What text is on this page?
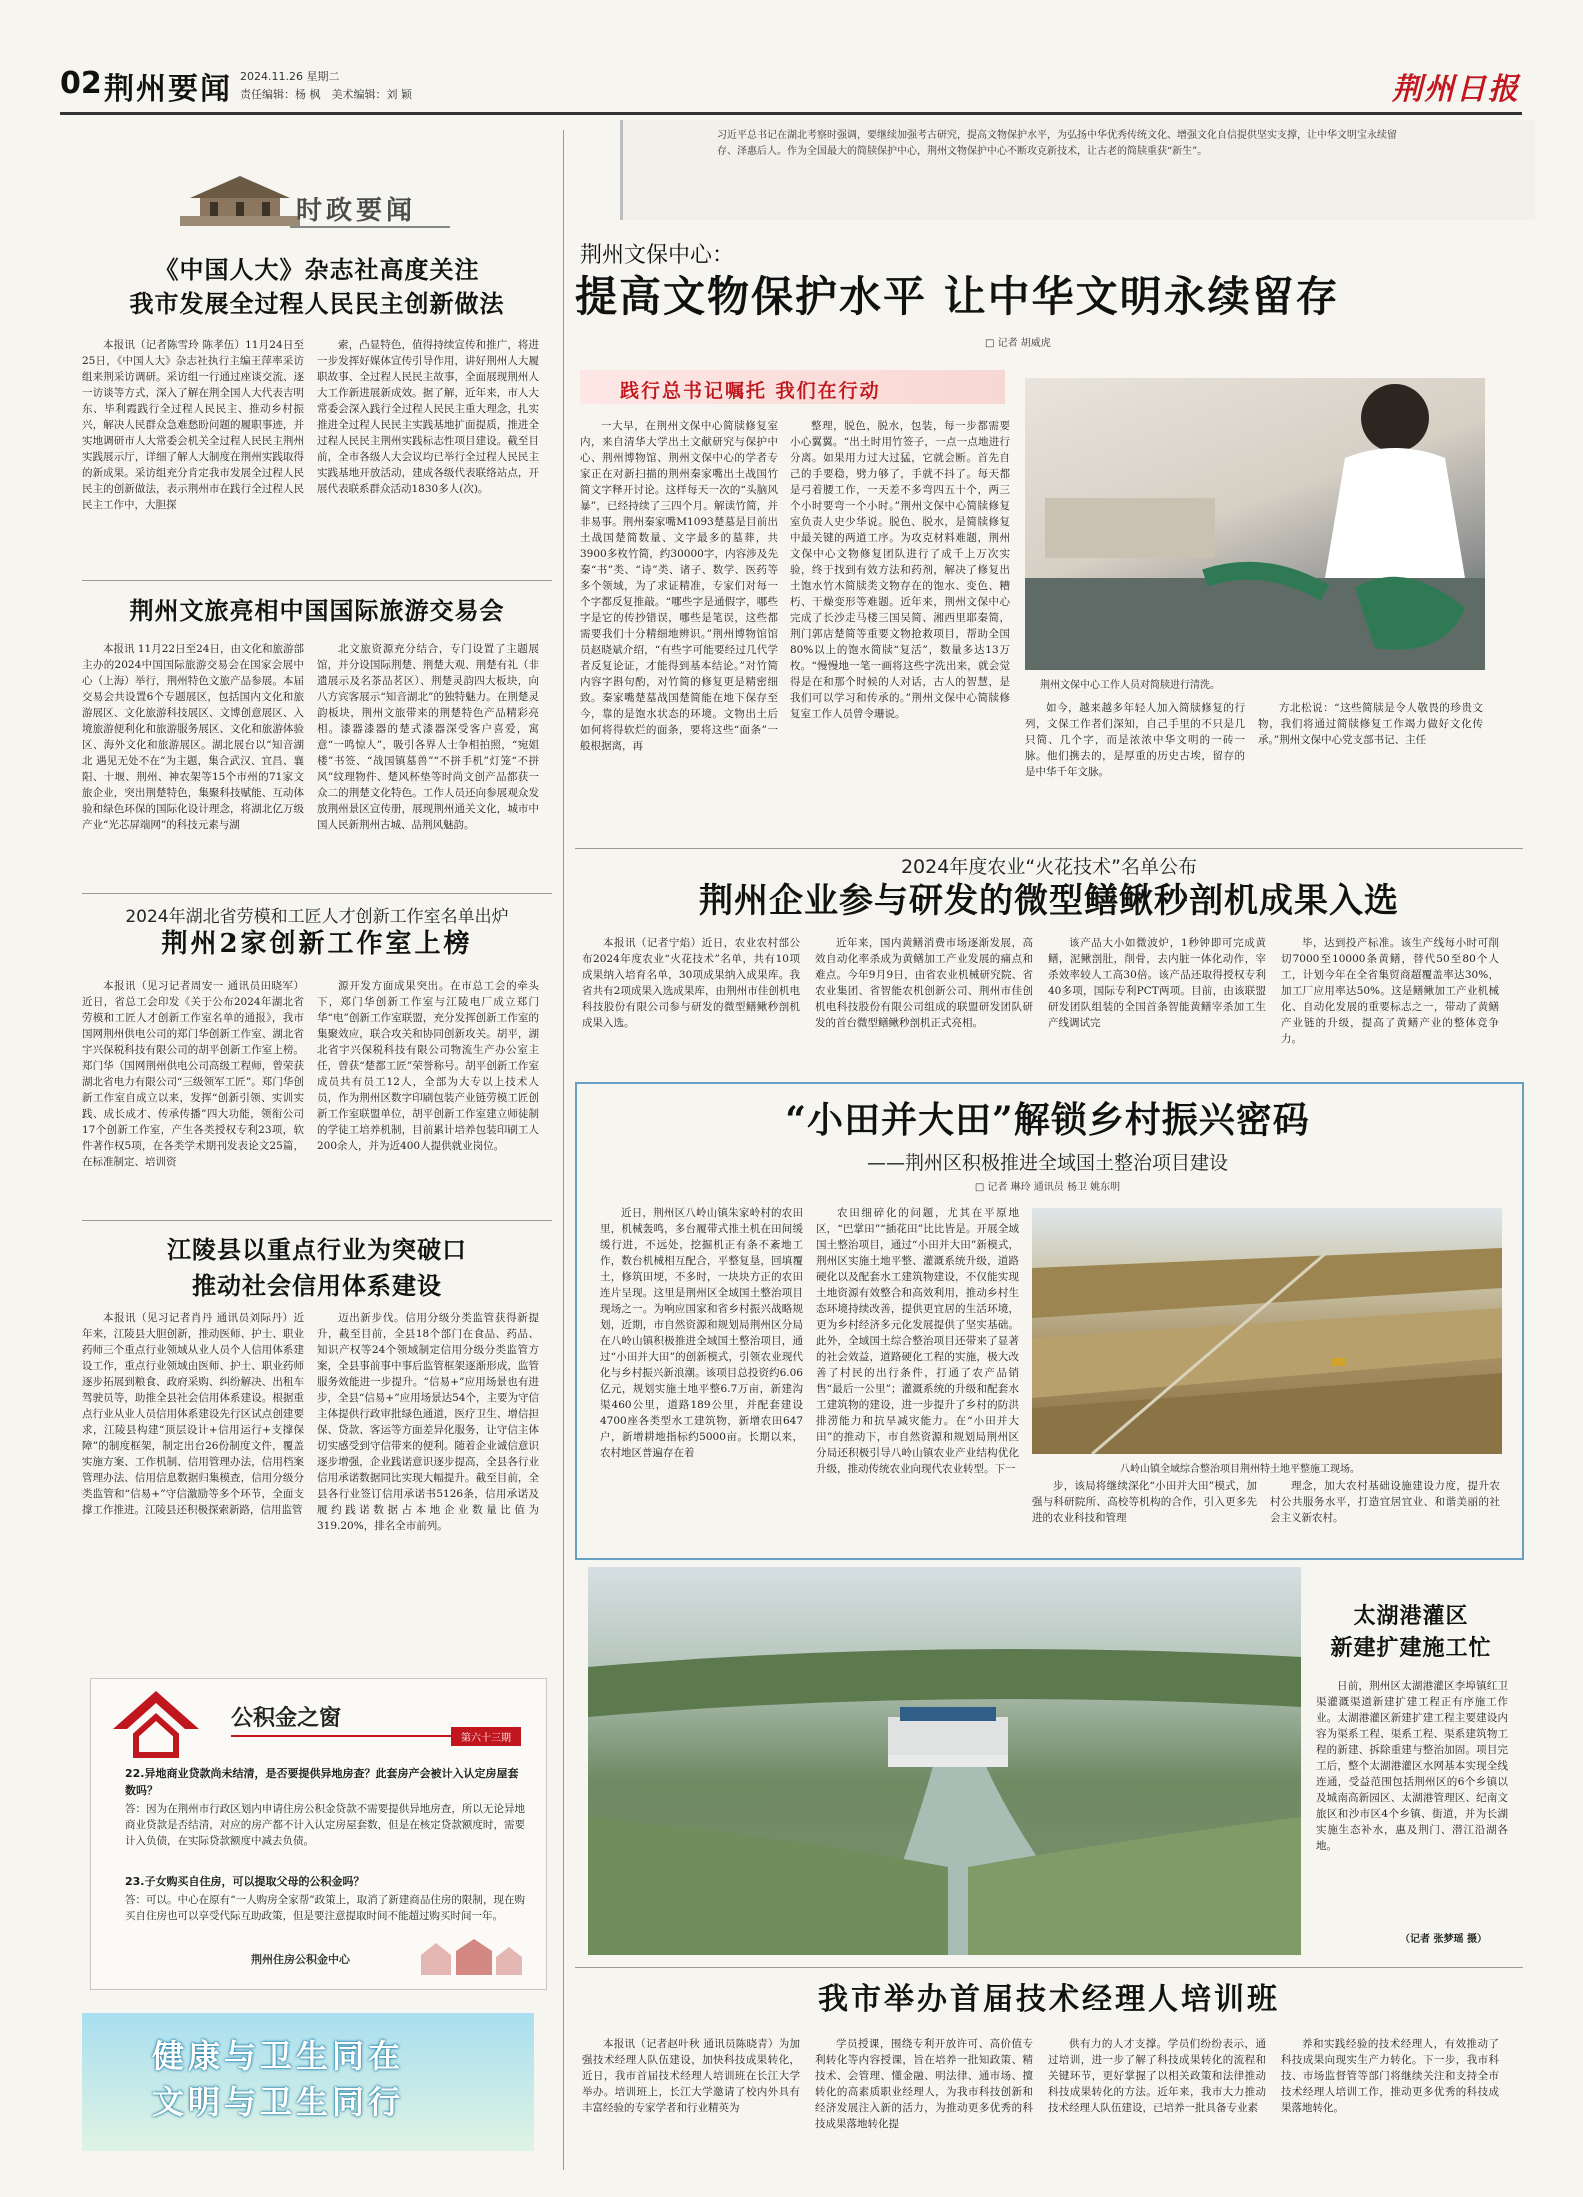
02 荆州要闻 2024.11.26 星期二
责任编辑：杨 枫　美术编辑：刘 颖	荆州日报
时政要闻
《中国人大》杂志社高度关注
我市发展全过程人民民主创新做法

本报讯（记者陈雪玲 陈孝伍）11月24日至25日，《中国人大》杂志社执行主编王萍率采访组来荆采访调研。采访组一行通过座谈交流、逐一访谈等方式，深入了解在荆全国人大代表吉明东、毕利霞践行全过程人民民主、推动乡村振兴，解决人民群众急难愁盼问题的履职事迹，并实地调研市人大常委会机关全过程人民民主荆州实践展示厅，详细了解人大制度在荆州实践取得的新成果。采访组充分肯定我市发展全过程人民民主的创新做法，表示荆州市在践行全过程人民民主工作中，大胆探

索，凸显特色，值得持续宣传和推广，将进一步发挥好媒体宣传引导作用，讲好荆州人大履职故事、全过程人民民主故事，全面展现荆州人大工作新进展新成效。据了解，近年来，市人大常委会深入践行全过程人民民主重大理念，扎实推进全过程人民民主实践基地扩面提质，推进全过程人民民主荆州实践标志性项目建设。截至目前，全市各级人大会议均已举行全过程人民民主实践基地开放活动，建成各级代表联络站点，开展代表联系群众活动1830多人(次)。

荆州文旅亮相中国国际旅游交易会

本报讯 11月22日至24日，由文化和旅游部主办的2024中国国际旅游交易会在国家会展中心（上海）举行，荆州特色文旅产品参展。本届交易会共设置6个专题展区，包括国内文化和旅游展区、文化旅游科技展区、文博创意展区、入境旅游便利化和旅游服务展区、文化和旅游体验区、海外文化和旅游展区。湖北展台以“知音湖北 遇见无处不在”为主题，集合武汉、宜昌、襄阳、十堰、荆州、神农架等15个市州的71家文旅企业，突出荆楚特色，集聚科技赋能、互动体验和绿色环保的国际化设计理念，将湖北亿万级产业“光芯屏端网”的科技元素与湖

北文旅资源充分结合，专门设置了主题展馆，并分设国际荆楚、荆楚大观、荆楚有礼（非遗展示及名茶品茗区）、荆楚灵韵四大板块，向八方宾客展示“知音湖北”的独特魅力。在荆楚灵韵板块，荆州文旅带来的荆楚特色产品精彩亮相。漆器漆器的楚式漆器深受客户喜爱，寓意“一鸣惊人”，吸引各界人士争相拍照，“宛姐楼”书签、“战国镇墓兽”“不拼手机”灯笼“不拼风”纹理物件、楚风杯垫等时尚文创产品都获一众二的荆楚文化特色。工作人员还向参展观众发放荆州景区宣传册，展现荆州通关文化，城市中国人民新荆州古城、品荆风魅韵。

2024年湖北省劳模和工匠人才创新工作室名单出炉
荆州2家创新工作室上榜

本报讯（见习记者周安一 通讯员田晓军）近日，省总工会印发《关于公布2024年湖北省劳模和工匠人才创新工作室名单的通报》，我市国网荆州供电公司的郑门华创新工作室、湖北省宇兴保税科技有限公司的胡平创新工作室上榜。郑门华（国网荆州供电公司高级工程师，曾荣获湖北省电力有限公司“三级领军工匠”。郑门华创新工作室自成立以来，发挥“创新引领、实训实践、成长成才、传承传播”四大功能，领衔公司17个创新工作室，产生各类授权专利23项，软件著作权5项，在各类学术期刊发表论文25篇，在标准制定、培训资

源开发方面成果突出。在市总工会的牵头下，郑门华创新工作室与江陵电厂成立郑门华“电”创新工作室联盟，充分发挥创新工作室的集聚效应，联合攻关和协同创新攻关。胡平，湖北省宇兴保税科技有限公司物流生产办公室主任，曾获“楚都工匠”荣誉称号。胡平创新工作室成员共有员工12人，全部为大专以上技术人员，作为荆州区数字印刷包装产业链劳模工匠创新工作室联盟单位，胡平创新工作室建立师徒制的学徒工培养机制，目前累计培养包装印刷工人200余人，并为近400人提供就业岗位。

江陵县以重点行业为突破口
推动社会信用体系建设

本报讯（见习记者肖丹 通讯员刘际丹）近年来，江陵县大胆创新，推动医师、护士、职业药师三个重点行业领域从业人员个人信用体系建设工作，重点行业领域由医师、护士、职业药师逐步拓展到粮食、政府采购、纠纷解决、出租车驾驶员等，助推全县社会信用体系建设。根据重点行业从业人员信用体系建设先行区试点创建要求，江陵县构建“顶层设计+信用运行+支撑保障”的制度框架，制定出台26份制度文件，覆盖实施方案、工作机制、信用管理办法，信用档案管理办法、信用信息数据归集模查，信用分级分类监管和“信易+”守信激励等多个环节，全面支撑工作推进。江陵县还积极探索新路，信用监管

迈出新步伐。信用分级分类监管获得新提升，截至目前，全县18个部门在食品、药品、知识产权等24个领域制定信用分级分类监管方案，全县事前事中事后监管框架逐渐形成，监管服务效能进一步提升。“信易+”应用场景也有进步，全县“信易+”应用场景达54个，主要为守信主体提供行政审批绿色通道，医疗卫生、增信担保、贷款、客运等方面差异化服务，让守信主体切实感受到守信带来的便利。随着企业诚信意识逐步增强，企业践诺意识逐步提高，全县各行业信用承诺数据同比实现大幅提升。截至目前，全县各行业签订信用承诺书5126条，信用承诺及履约践诺数据占本地企业数量比值为319.20%，排名全市前列。

公积金之窗
第六十三期
22.异地商业贷款尚未结清，是否要提供异地房查？此套房产会被计入认定房屋套数吗？
答：因为在荆州市行政区划内申请住房公积金贷款不需要提供异地房查，所以无论异地商业贷款是否结清，对应的房产都不计入认定房屋套数，但是在核定贷款额度时，需要计入负债，在实际贷款额度中减去负债。
23.子女购买自住房，可以提取父母的公积金吗？
答：可以。中心在原有“一人购房全家帮”政策上，取消了新建商品住房的限制，现在购买自住房也可以享受代际互助政策，但是要注意提取时间不能超过购买时间一年。
荆州住房公积金中心
健康与卫生同在
文明与卫生同行
习近平总书记在湖北考察时强调，要继续加强考古研究，提高文物保护水平，为弘扬中华优秀传统文化、增强文化自信提供坚实支撑，让中华文明宝永续留存、泽惠后人。作为全国最大的简牍保护中心，荆州文物保护中心不断攻克新技术，让古老的简牍重获“新生”。
荆州文保中心：
提高文物保护水平 让中华文明永续留存
□ 记者 胡威虎
践行总书记嘱托 我们在行动

一大早，在荆州文保中心简牍修复室内，来自清华大学出土文献研究与保护中心、荆州博物馆、荆州文保中心的学者专家正在对新扫描的荆州秦家嘴出土战国竹简文字释开讨论。这样每天一次的“头脑风暴”，已经持续了三四个月。解读竹简，并非易事。荆州秦家嘴M1093楚墓是目前出土战国楚简数量、文字最多的墓葬，共3900多枚竹简，约30000字，内容涉及先秦“书”类、“诗”类、诸子、数学、医药等多个领域，为了求证精准，专家们对每一个字都反复推敲。“哪些字是通假字，哪些字是它的传抄错误，哪些是笔误，这些都需要我们十分精细地辨识。”荆州博物馆馆员赵晓斌介绍，“有些字可能要经过几代学者反复论证，才能得到基本结论。”对竹简内容字斟句酌，对竹简的修复更是精密细致。秦家嘴楚墓战国楚简能在地下保存至今，靠的是饱水状态的环境。文物出土后如何将得软烂的面条，要将这些“面条”一般根据离，再

整理，脱色，脱水，包装，每一步都需要小心翼翼。“出土时用竹签子，一点一点地进行分离。如果用力过大过猛，它就会断。首先自己的手要稳，劈力够了，手就不抖了。每天都是弓着腰工作，一天差不多弯四五十个，两三个小时要弯一个小时。”荆州文保中心简牍修复室负责人史少华说。脱色、脱水，是简牍修复中最关键的两道工序。为攻克材料难题，荆州文保中心文物修复团队进行了成千上万次实验，终于找到有效方法和药剂，解决了修复出土饱水竹木简牍类文物存在的饱水、变色、糟朽、干燥变形等难题。近年来，荆州文保中心完成了长沙走马楼三国吴简、湘西里耶秦简，荆门郭店楚简等重要文物抢救项目，帮助全国80%以上的饱水简牍“复活”，数量多达13万枚。“慢慢地一笔一画将这些字洗出来，就会觉得是在和那个时候的人对话，古人的智慧，是我们可以学习和传承的。”荆州文保中心简牍修复室工作人员曾令珊说。

荆州文保中心工作人员对简牍进行清洗。

如今，越来越多年轻人加入简牍修复的行列，文保工作者们深知，自己手里的不只是几只简、几个字，而是浓浓中华文明的一砖一脉。他们携去的，是厚重的历史古埃，留存的是中华千年文脉。

方北松说：“这些简牍是令人敬畏的珍贵文物，我们将通过简牍修复工作竭力做好文化传承。”荆州文保中心党支部书记、主任

2024年度农业“火花技术”名单公布
荆州企业参与研发的微型鳝鳅秒剖机成果入选

本报讯（记者宁焰）近日，农业农村部公布2024年度农业“火花技术”名单，共有10项成果纳入培育名单，30项成果纳入成果库。我省共有2项成果入选成果库，由荆州市佳创机电科技股份有限公司参与研发的微型鳝鳅秒剖机成果入选。

近年来，国内黄鳝消费市场逐渐发展，高效自动化率杀成为黄鳝加工产业发展的痛点和难点。今年9月9日，由省农业机械研究院、省农业集团、省智能农机创新公司、荆州市佳创机电科技股份有限公司组成的联盟研发团队研发的首台微型鳝鳅秒剖机正式亮相。

该产品大小如微波炉，1秒钟即可完成黄鳝，泥鳅剖肚，削骨，去内脏一体化动作，宰杀效率较人工高30倍。该产品还取得授权专利40多项，国际专利PCT两项。目前，由该联盟研发团队组装的全国首条智能黄鳝宰杀加工生产线调试完

毕，达到投产标准。该生产线每小时可削切7000至10000条黄鳝，替代50至80个人工，计划今年在全省集贸商超覆盖率达30%，加工厂应用率达50%。这是鳝鳅加工产业机械化、自动化发展的重要标志之一，带动了黄鳝产业链的升级，提高了黄鳝产业的整体竞争力。

“小田并大田”解锁乡村振兴密码
——荆州区积极推进全域国土整治项目建设
□ 记者 琳玲 通讯员 杨卫 姚东明

近日，荆州区八岭山镇朱家岭村的农田里，机械轰鸣，多台履带式推土机在田间缓缓行进，不远处，挖掘机正有条不紊地工作，数台机械相互配合，平整复垦，回填覆土，修筑田埂，不多时，一块块方正的农田连片呈现。这里是荆州区全域国土整治项目现场之一。为响应国家和省乡村振兴战略规划，近期，市自然资源和规划局荆州区分局在八岭山镇积极推进全域国土整治项目，通过“小田并大田”的创新模式，引领农业现代化与乡村振兴新浪潮。该项目总投资约6.06亿元，规划实施土地平整6.7万亩，新建沟渠460公里，道路189公里，并配套建设4700座各类型水工建筑物，新增农田647户，新增耕地指标约5000亩。长期以来，农村地区普遍存在着

农田细碎化的问题，尤其在平原地区，“巴掌田”“插花田”比比皆是。开展全域国土整治项目，通过“小田并大田”新模式，荆州区实施土地平整、灌溉系统升级，道路硬化以及配套水工建筑物建设，不仅能实现土地资源有效整合和高效利用，推动乡村生态环境持续改善，提供更宜居的生活环境，更为乡村经济多元化发展提供了坚实基础。此外，全域国土综合整治项目还带来了显著的社会效益，道路硬化工程的实施，极大改善了村民的出行条件，打通了农产品销售“最后一公里”；灌溉系统的升级和配套水工建筑物的建设，进一步提升了乡村的防洪排涝能力和抗旱减灾能力。在“小田并大田”的推动下，市自然资源和规划局荆州区分局还积极引导八岭山镇农业产业结构优化升级，推动传统农业向现代农业转型。下一	八岭山镇全域综合整治项目荆州特土地平整施工现场。

步，该局将继续深化“小田并大田”模式，加强与科研院所、高校等机构的合作，引入更多先进的农业科技和管理

理念，加大农村基础设施建设力度，提升农村公共服务水平，打造宜居宜业、和谐美丽的社会主义新农村。

太湖港灌区
新建扩建施工忙

日前，荆州区太湖港灌区李埠镇红卫渠灌溉渠道新建扩建工程正有序施工作业。太湖港灌区新建扩建工程主要建设内容为渠系工程、渠系工程、渠系建筑物工程的新建、拆除重建与整治加固。项目完工后，整个太湖港灌区水网基本实现全线连通，受益范围包括荆州区的6个乡镇以及城南高新园区、太湖港管理区、纪南文旅区和沙市区4个乡镇、街道，并为长湖实施生态补水，惠及荆门、潜江沿湖各地。

（记者 张梦瑶 摄）
我市举办首届技术经理人培训班

本报讯（记者赵叶秋 通讯员陈晓青）为加强技术经理人队伍建设，加快科技成果转化，近日，我市首届技术经理人培训班在长江大学举办。培训班上，长江大学邀请了校内外具有丰富经验的专家学者和行业精英为

学员授课，围绕专利开放许可、高价值专利转化等内容授课，旨在培养一批知政策、精技术、会管理、懂金融、明法律、通市场、擅转化的高素质职业经理人，为我市科技创新和经济发展注入新的活力，为推动更多优秀的科技成果落地转化提

供有力的人才支撑。学员们纷纷表示，通过培训，进一步了解了科技成果转化的流程和关键环节，更好掌握了以相关政策和法律推动科技成果转化的方法。近年来，我市大力推动技术经理人队伍建设，已培养一批具备专业素

养和实践经验的技术经理人，有效推动了科技成果向现实生产力转化。下一步，我市科技、市场监督管等部门将继续关注和支持全市技术经理人培训工作，推动更多优秀的科技成果落地转化。
